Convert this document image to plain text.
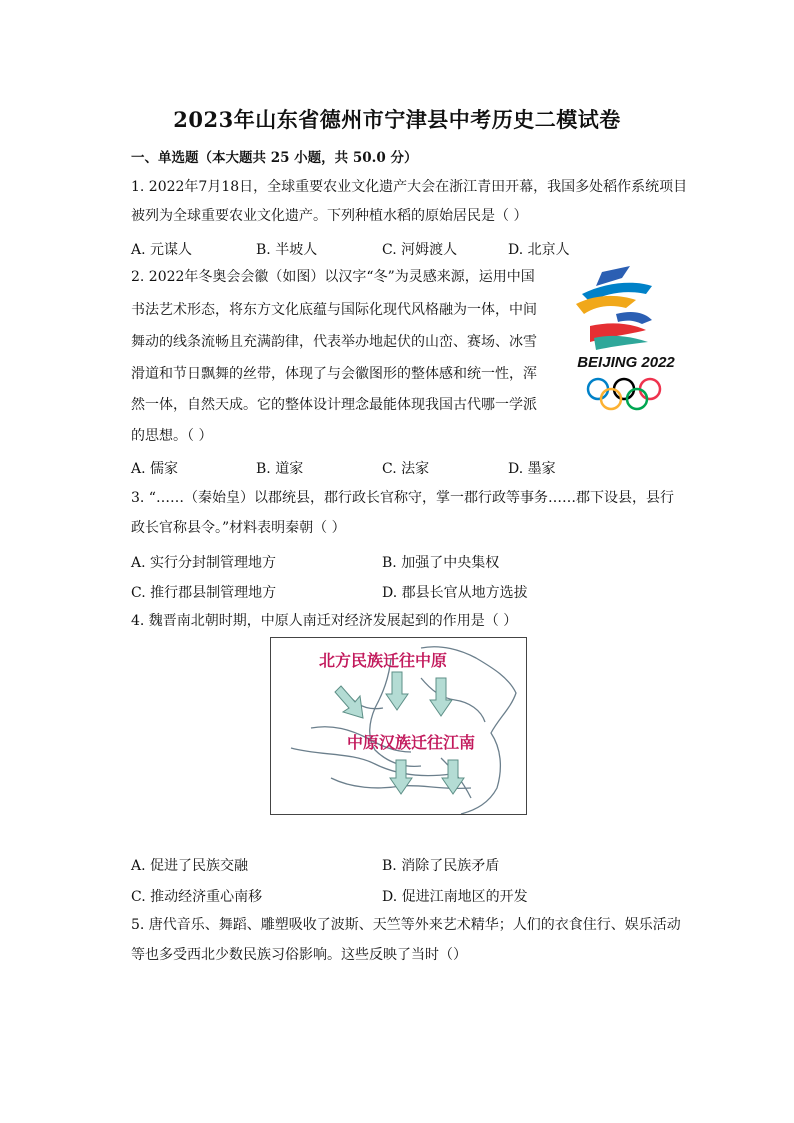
2023年山东省德州市宁津县中考历史二模试卷
一、单选题（本大题共 25 小题，共 50.0 分）
1. 2022年7月18日，全球重要农业文化遗产大会在浙江青田开幕，我国多处稻作系统项目
被列为全球重要农业文化遗产。下列种植水稻的原始居民是（ ）
A. 元谋人	B. 半坡人	C. 河姆渡人	D. 北京人
2. 2022年冬奥会会徽（如图）以汉字“冬”为灵感来源，运用中国
书法艺术形态，将东方文化底蕴与国际化现代风格融为一体，中间
舞动的线条流畅且充满韵律，代表举办地起伏的山峦、赛场、冰雪
滑道和节日飘舞的丝带，体现了与会徽图形的整体感和统一性，浑
然一体，自然天成。它的整体设计理念最能体现我国古代哪一学派
的思想。（ ）
BEIJING 2022
A. 儒家	B. 道家	C. 法家	D. 墨家
3. “……（秦始皇）以郡统县，郡行政长官称守，掌一郡行政等事务……郡下设县，县行
政长官称县令。”材料表明秦朝（ ）
A. 实行分封制管理地方	B. 加强了中央集权
C. 推行郡县制管理地方	D. 郡县长官从地方选拔
4. 魏晋南北朝时期，中原人南迁对经济发展起到的作用是（ ）
北方民族迁往中原
中原汉族迁往江南
A. 促进了民族交融	B. 消除了民族矛盾
C. 推动经济重心南移	D. 促进江南地区的开发
5. 唐代音乐、舞蹈、雕塑吸收了波斯、天竺等外来艺术精华；人们的衣食住行、娱乐活动
等也多受西北少数民族习俗影响。这些反映了当时（）
